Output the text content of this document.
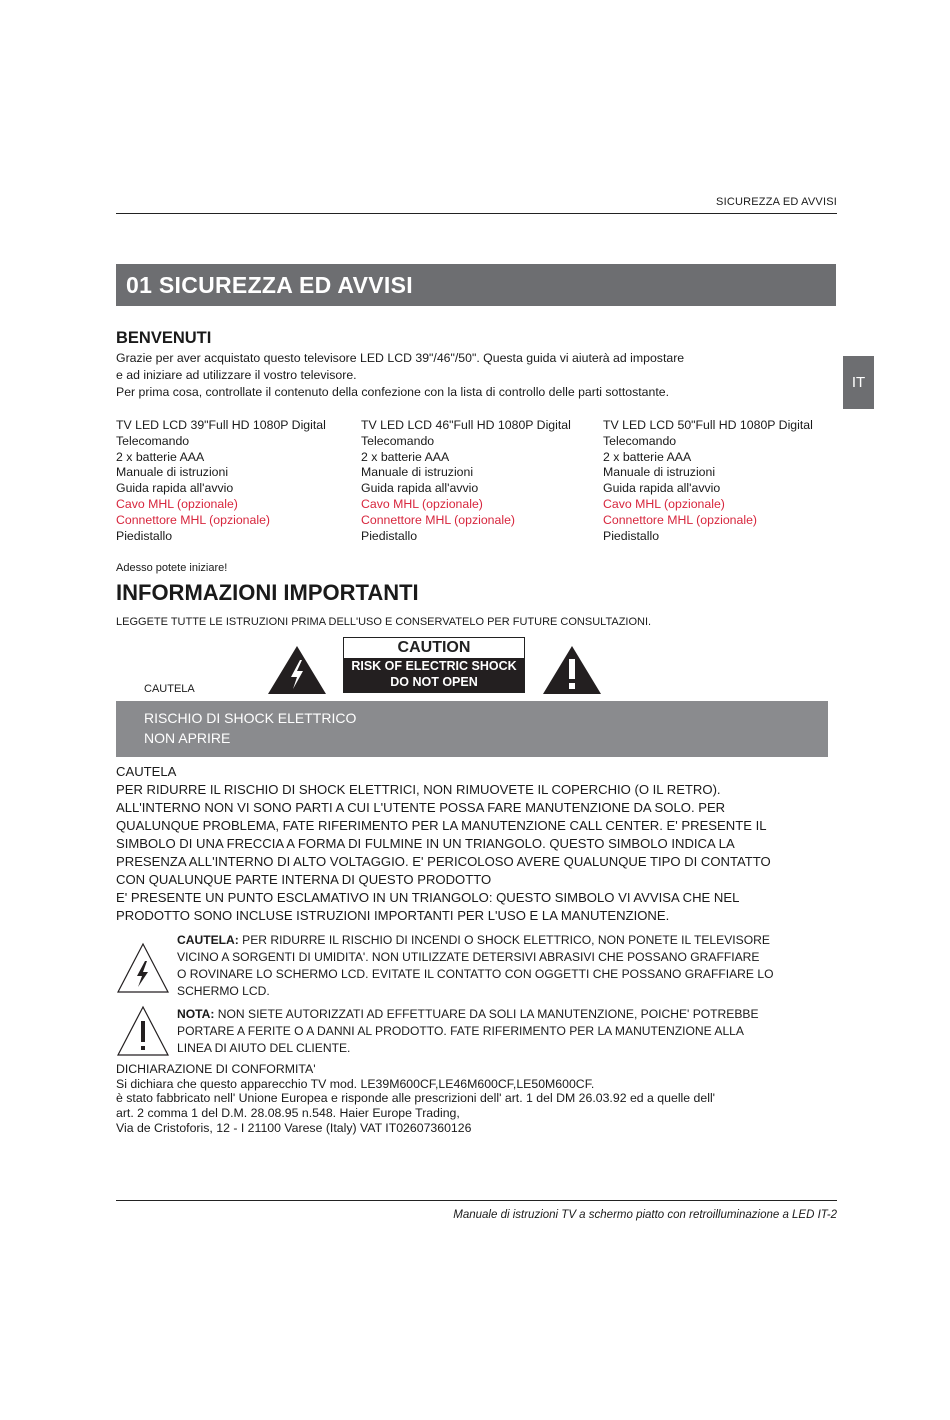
SICUREZZA ED AVVISI
01 SICUREZZA ED AVVISI
IT
BENVENUTI
Grazie per aver acquistato questo televisore LED LCD 39"/46"/50". Questa guida vi aiuterà ad impostare
e ad iniziare ad utilizzare il vostro televisore.
Per prima cosa, controllate il contenuto della confezione con la lista di controllo delle parti sottostante.
TV LED LCD 39"Full HD 1080P Digital
Telecomando
2 x batterie AAA
Manuale di istruzioni
Guida rapida all'avvio
Cavo MHL (opzionale)
Connettore MHL (opzionale)
Piedistallo
TV LED LCD 46"Full HD 1080P Digital
Telecomando
2 x batterie AAA
Manuale di istruzioni
Guida rapida all'avvio
Cavo MHL (opzionale)
Connettore MHL (opzionale)
Piedistallo
TV LED LCD 50"Full HD 1080P Digital
Telecomando
2 x batterie AAA
Manuale di istruzioni
Guida rapida all'avvio
Cavo MHL (opzionale)
Connettore MHL (opzionale)
Piedistallo
Adesso potete iniziare!
INFORMAZIONI IMPORTANTI
LEGGETE TUTTE LE ISTRUZIONI PRIMA DELL'USO E CONSERVATELO PER FUTURE CONSULTAZIONI.
CAUTELA
CAUTION
RISK OF ELECTRIC SHOCK
DO NOT OPEN
RISCHIO DI SHOCK ELETTRICO
NON APRIRE
CAUTELA
PER RIDURRE IL RISCHIO DI SHOCK ELETTRICI, NON RIMUOVETE IL COPERCHIO (O IL RETRO).
ALL'INTERNO NON VI SONO PARTI A CUI L'UTENTE POSSA FARE MANUTENZIONE DA SOLO. PER
QUALUNQUE PROBLEMA, FATE RIFERIMENTO PER LA MANUTENZIONE CALL CENTER. E' PRESENTE IL
SIMBOLO DI UNA FRECCIA A FORMA DI FULMINE IN UN TRIANGOLO. QUESTO SIMBOLO INDICA LA
PRESENZA ALL'INTERNO DI ALTO VOLTAGGIO. E' PERICOLOSO AVERE QUALUNQUE TIPO DI CONTATTO
CON QUALUNQUE PARTE INTERNA DI QUESTO PRODOTTO
E' PRESENTE UN PUNTO ESCLAMATIVO IN UN TRIANGOLO: QUESTO SIMBOLO VI AVVISA CHE NEL
PRODOTTO SONO INCLUSE ISTRUZIONI IMPORTANTI PER L'USO E LA MANUTENZIONE.
CAUTELA: PER RIDURRE IL RISCHIO DI INCENDI O SHOCK ELETTRICO, NON PONETE IL TELEVISORE
VICINO A SORGENTI DI UMIDITA'. NON UTILIZZATE DETERSIVI ABRASIVI CHE POSSANO GRAFFIARE
O ROVINARE LO SCHERMO LCD. EVITATE IL CONTATTO CON OGGETTI CHE POSSANO GRAFFIARE LO
SCHERMO LCD.
NOTA: NON SIETE AUTORIZZATI AD EFFETTUARE DA SOLI LA MANUTENZIONE, POICHE' POTREBBE
PORTARE A FERITE O A DANNI AL PRODOTTO. FATE RIFERIMENTO PER LA MANUTENZIONE ALLA
LINEA DI AIUTO DEL CLIENTE.
DICHIARAZIONE DI CONFORMITA'
Si dichiara che questo apparecchio TV mod. LE39M600CF,LE46M600CF,LE50M600CF.
è stato fabbricato nell' Unione Europea e risponde alle prescrizioni dell' art. 1 del DM 26.03.92 ed a quelle dell'
art. 2 comma 1 del D.M. 28.08.95 n.548. Haier Europe Trading,
Via de Cristoforis, 12 - I 21100 Varese (Italy) VAT IT02607360126
Manuale di istruzioni TV a schermo piatto con retroilluminazione a LED IT-2
